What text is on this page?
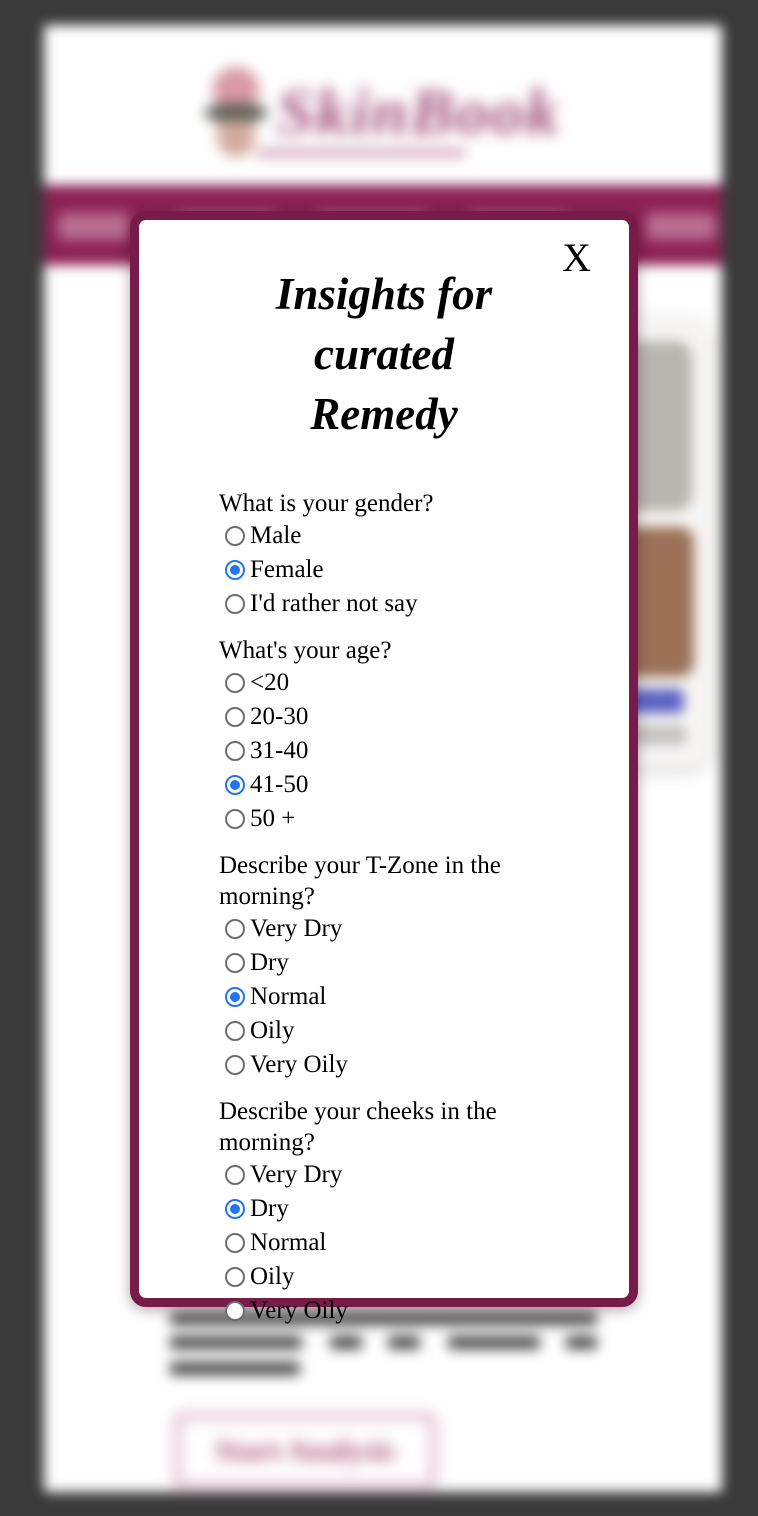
SkinBook
Start Analysis
X
Insights for
curated
Remedy
What is your gender?
Male
Female
I'd rather not say
What's your age?
<20
20-30
31-40
41-50
50 +
Describe your T-Zone in the morning?
Very Dry
Dry
Normal
Oily
Very Oily
Describe your cheeks in the morning?
Very Dry
Dry
Normal
Oily
Very Oily
